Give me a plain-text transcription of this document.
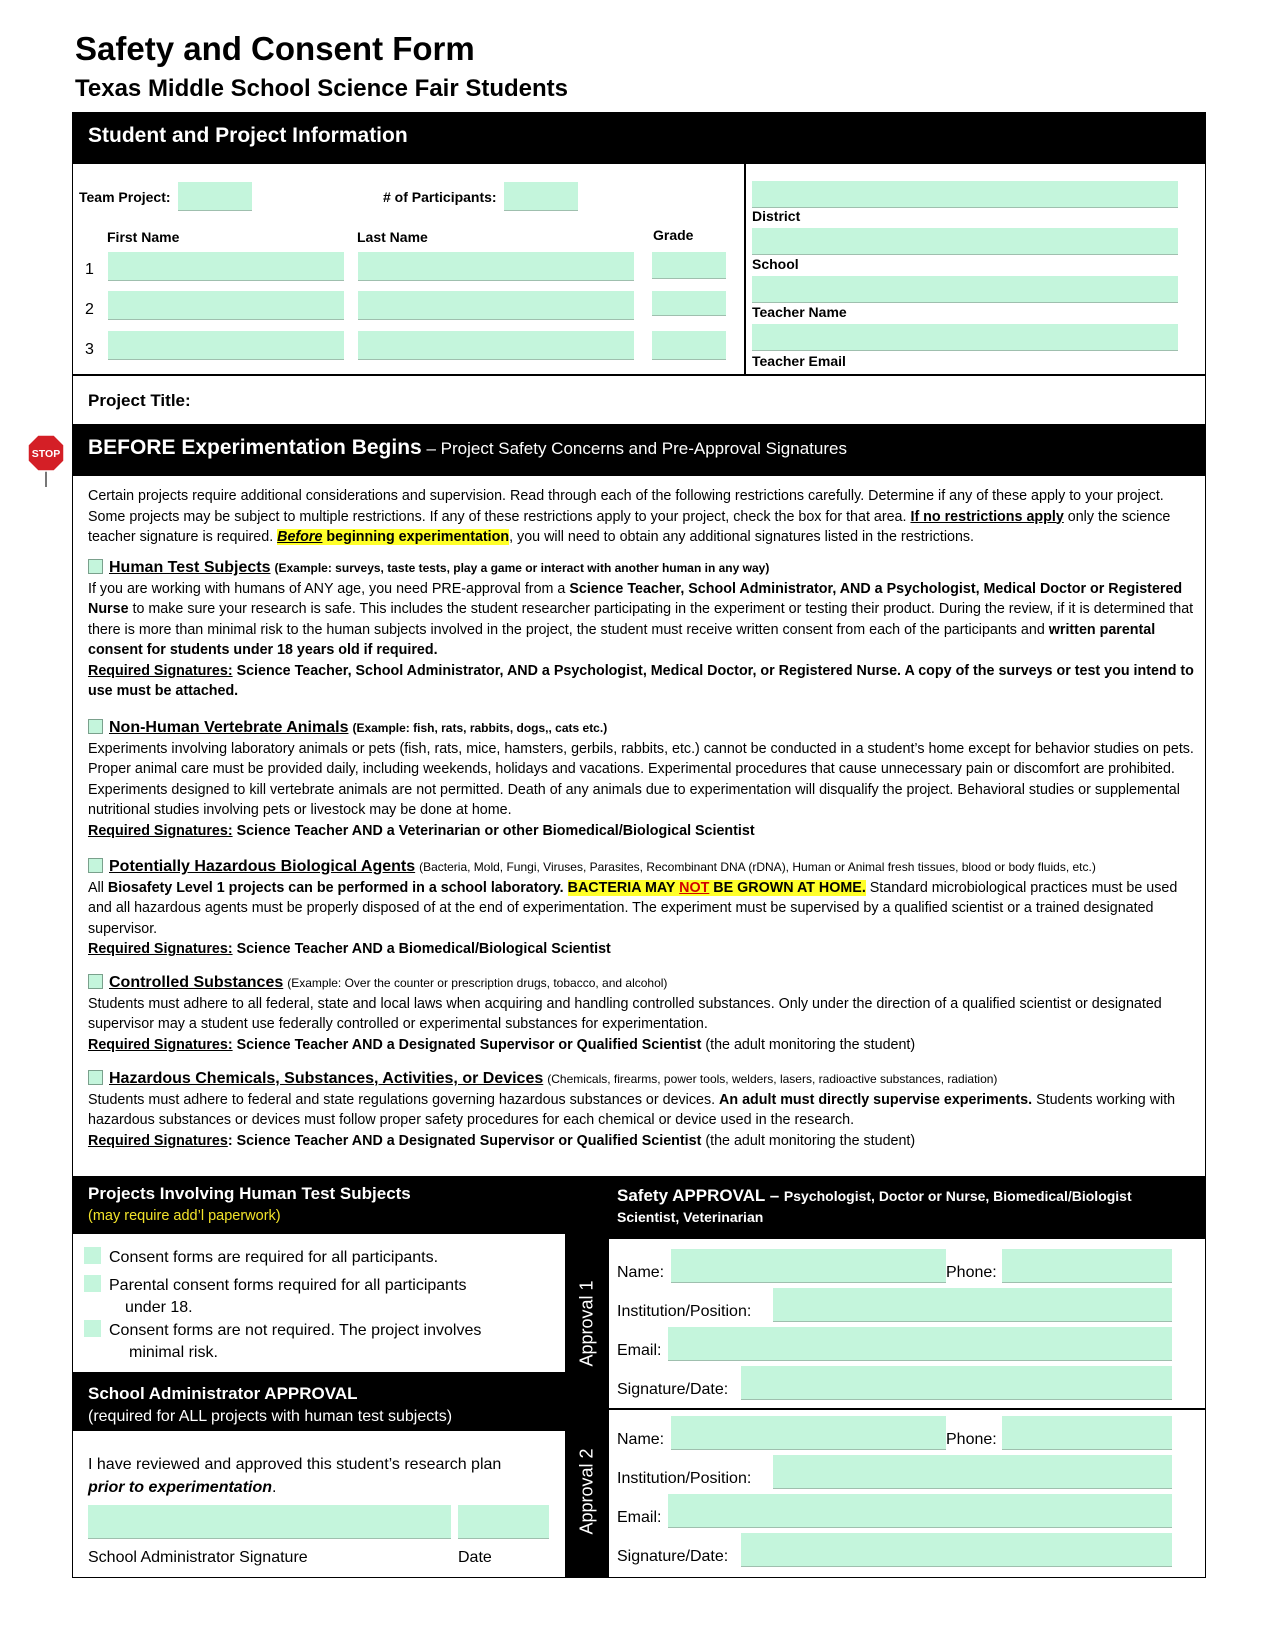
Safety and Consent Form
Texas Middle School Science Fair Students
Student and Project Information
Team Project:	# of Participants:
First Name	Last Name	Grade
1
2
3
District
School
Teacher Name
Teacher Email
Project Title:
STOP BEFORE Experimentation Begins – Project Safety Concerns and Pre-Approval Signatures
Certain projects require additional considerations and supervision. Read through each of the following restrictions carefully. Determine if any of these apply to your project. Some projects may be subject to multiple restrictions. If any of these restrictions apply to your project, check the box for that area. If no restrictions apply only the science teacher signature is required. Before beginning experimentation, you will need to obtain any additional signatures listed in the restrictions.
Human Test Subjects (Example: surveys, taste tests, play a game or interact with another human in any way)
If you are working with humans of ANY age, you need PRE-approval from a Science Teacher, School Administrator, AND a Psychologist, Medical Doctor or Registered Nurse to make sure your research is safe. This includes the student researcher participating in the experiment or testing their product. During the review, if it is determined that there is more than minimal risk to the human subjects involved in the project, the student must receive written consent from each of the participants and written parental consent for students under 18 years old if required.
Required Signatures: Science Teacher, School Administrator, AND a Psychologist, Medical Doctor, or Registered Nurse. A copy of the surveys or test you intend to use must be attached.
Non-Human Vertebrate Animals (Example: fish, rats, rabbits, dogs,, cats etc.)
Experiments involving laboratory animals or pets (fish, rats, mice, hamsters, gerbils, rabbits, etc.) cannot be conducted in a student’s home except for behavior studies on pets. Proper animal care must be provided daily, including weekends, holidays and vacations. Experimental procedures that cause unnecessary pain or discomfort are prohibited. Experiments designed to kill vertebrate animals are not permitted. Death of any animals due to experimentation will disqualify the project. Behavioral studies or supplemental nutritional studies involving pets or livestock may be done at home.
Required Signatures: Science Teacher AND a Veterinarian or other Biomedical/Biological Scientist
Potentially Hazardous Biological Agents (Bacteria, Mold, Fungi, Viruses, Parasites, Recombinant DNA (rDNA), Human or Animal fresh tissues, blood or body fluids, etc.)
All Biosafety Level 1 projects can be performed in a school laboratory. BACTERIA MAY NOT BE GROWN AT HOME. Standard microbiological practices must be used and all hazardous agents must be properly disposed of at the end of experimentation. The experiment must be supervised by a qualified scientist or a trained designated supervisor.
Required Signatures: Science Teacher AND a Biomedical/Biological Scientist
Controlled Substances (Example: Over the counter or prescription drugs, tobacco, and alcohol)
Students must adhere to all federal, state and local laws when acquiring and handling controlled substances. Only under the direction of a qualified scientist or designated supervisor may a student use federally controlled or experimental substances for experimentation.
Required Signatures: Science Teacher AND a Designated Supervisor or Qualified Scientist (the adult monitoring the student)
Hazardous Chemicals, Substances, Activities, or Devices (Chemicals, firearms, power tools, welders, lasers, radioactive substances, radiation)
Students must adhere to federal and state regulations governing hazardous substances or devices. An adult must directly supervise experiments. Students working with hazardous substances or devices must follow proper safety procedures for each chemical or device used in the research.
Required Signatures: Science Teacher AND a Designated Supervisor or Qualified Scientist (the adult monitoring the student)
Projects Involving Human Test Subjects
(may require add’l paperwork)
Consent forms are required for all participants.
Parental consent forms required for all participants
under 18.
Consent forms are not required. The project involves
minimal risk.
School Administrator APPROVAL
(required for ALL projects with human test subjects)
I have reviewed and approved this student’s research plan
prior to experimentation.
School Administrator Signature	Date
Approval 1
Approval 2
Safety APPROVAL – Psychologist, Doctor or Nurse, Biomedical/Biologist Scientist, Veterinarian
Name:	Phone:
Institution/Position:
Email:
Signature/Date:
Name:	Phone:
Institution/Position:
Email:
Signature/Date:
